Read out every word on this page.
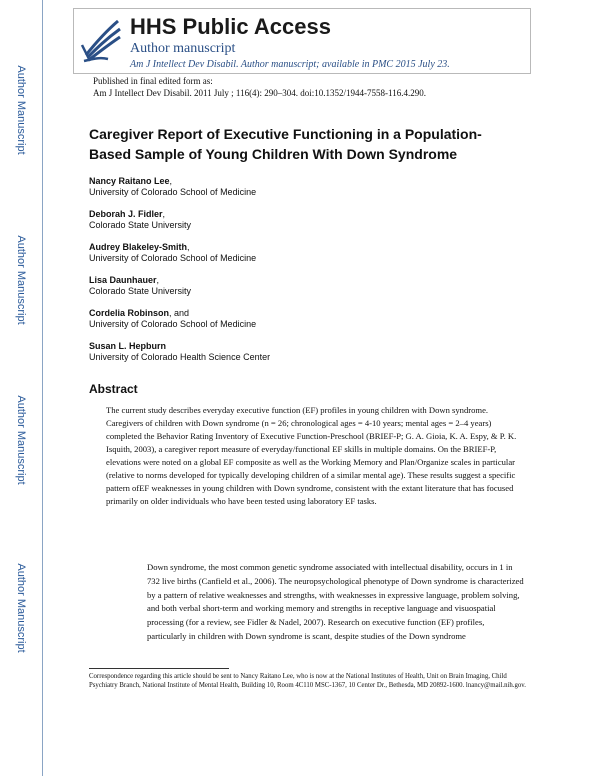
Author Manuscript
Author Manuscript
Author Manuscript
Author Manuscript
HHS Public Access
Author manuscript
Am J Intellect Dev Disabil. Author manuscript; available in PMC 2015 July 23.
Published in final edited form as:
Am J Intellect Dev Disabil. 2011 July ; 116(4): 290–304. doi:10.1352/1944-7558-116.4.290.
Caregiver Report of Executive Functioning in a Population-Based Sample of Young Children With Down Syndrome
Nancy Raitano Lee,
University of Colorado School of Medicine
Deborah J. Fidler,
Colorado State University
Audrey Blakeley-Smith,
University of Colorado School of Medicine
Lisa Daunhauer,
Colorado State University
Cordelia Robinson, and
University of Colorado School of Medicine
Susan L. Hepburn
University of Colorado Health Science Center
Abstract
The current study describes everyday executive function (EF) profiles in young children with Down syndrome. Caregivers of children with Down syndrome (n = 26; chronological ages = 4-10 years; mental ages = 2–4 years) completed the Behavior Rating Inventory of Executive Function-Preschool (BRIEF-P; G. A. Gioia, K. A. Espy, & P. K. Isquith, 2003), a caregiver report measure of everyday/functional EF skills in multiple domains. On the BRIEF-P, elevations were noted on a global EF composite as well as the Working Memory and Plan/Organize scales in particular (relative to norms developed for typically developing children of a similar mental age). These results suggest a specific pattern ofEF weaknesses in young children with Down syndrome, consistent with the extant literature that has focused primarily on older individuals who have been tested using laboratory EF tasks.
Down syndrome, the most common genetic syndrome associated with intellectual disability, occurs in 1 in 732 live births (Canfield et al., 2006). The neuropsychological phenotype of Down syndrome is characterized by a pattern of relative weaknesses and strengths, with weaknesses in expressive language, problem solving, and both verbal short-term and working memory and strengths in receptive language and visuospatial processing (for a review, see Fidler & Nadel, 2007). Research on executive function (EF) profiles, particularly in children with Down syndrome is scant, despite studies of the Down syndrome
Correspondence regarding this article should be sent to Nancy Raitano Lee, who is now at the National Institutes of Health, Unit on Brain Imaging, Child Psychiatry Branch, National Institute of Mental Health, Building 10, Room 4C110 MSC-1367, 10 Center Dr., Bethesda, MD 20892-1600. lnancy@mail.nih.gov.
